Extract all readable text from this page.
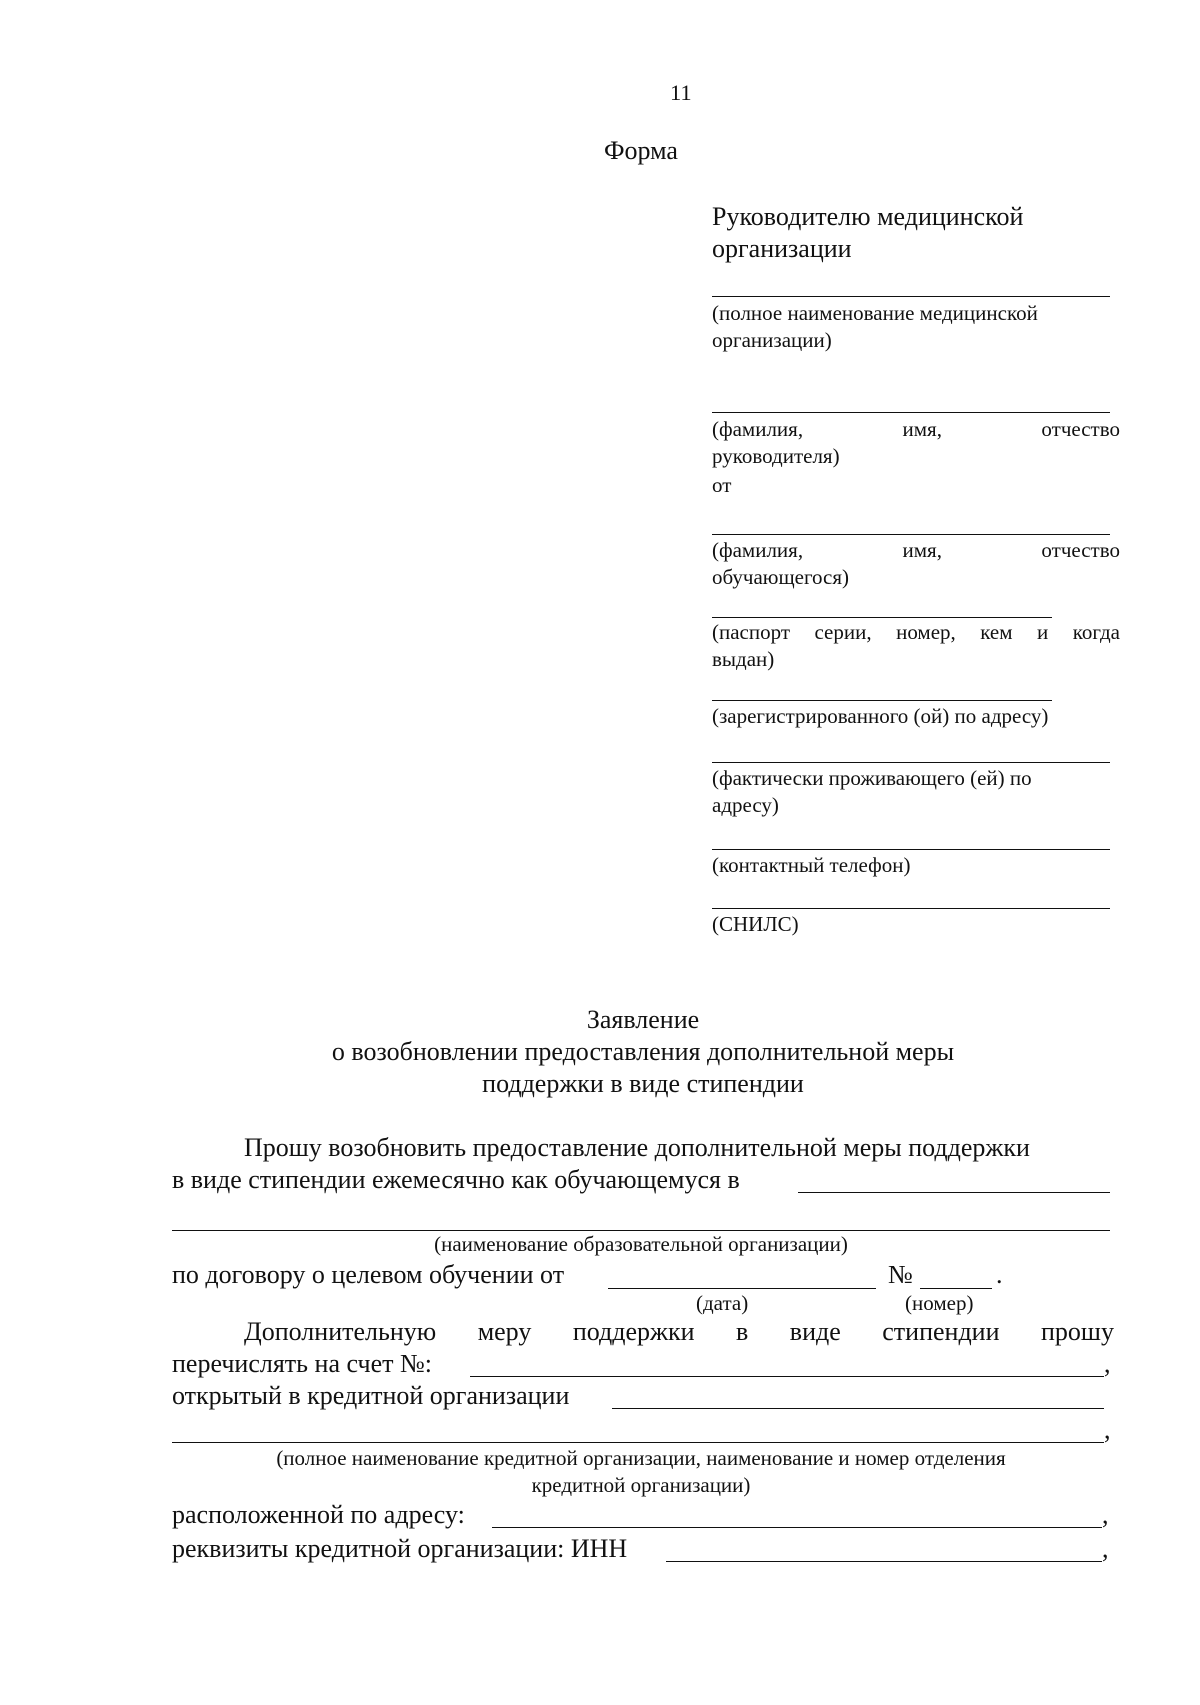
11
Форма
Руководителю медицинской
организации
(полное наименование медицинской
организации)
(фамилия,	имя,	отчество
руководителя)
от
(фамилия,	имя,	отчество
обучающегося)
(паспорт серии, номер, кем и когда
выдан)
(зарегистрированного (ой) по адресу)
(фактически проживающего (ей) по
адресу)
(контактный телефон)
(СНИЛС)
Заявление
о возобновлении предоставления дополнительной меры
поддержки в виде стипендии
Прошу возобновить предоставление дополнительной меры поддержки
в виде стипендии ежемесячно как обучающемуся в
(наименование образовательной организации)
по договору о целевом обучении от	№	.
(дата)	(номер)
Дополнительную меру поддержки в виде стипендии прошу
перечислять на счет №:	,
открытый в кредитной организации
,
(полное наименование кредитной организации, наименование и номер отделения
кредитной организации)
расположенной по адресу:	,
реквизиты кредитной организации: ИНН	,
